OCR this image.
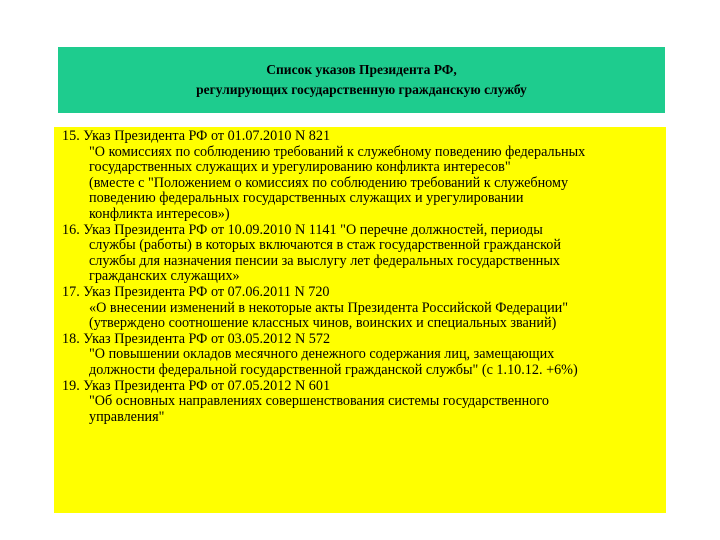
Список указов Президента РФ,
регулирующих государственную гражданскую службу
15. Указ Президента РФ от 01.07.2010 N 821
"О комиссиях по соблюдению требований к служебному поведению федеральных
государственных служащих и урегулированию конфликта интересов"
(вместе с "Положением о комиссиях по соблюдению требований к служебному
поведению федеральных государственных служащих и урегулировании
конфликта интересов»)
16. Указ Президента РФ от 10.09.2010 N 1141 "О перечне должностей, периоды
службы (работы) в которых включаются в стаж государственной гражданской
службы для назначения пенсии за выслугу лет федеральных государственных
гражданских служащих»
17. Указ Президента РФ от 07.06.2011 N 720
«О внесении изменений в некоторые акты Президента Российской Федерации"
(утверждено соотношение классных чинов, воинских и специальных званий)
18. Указ Президента РФ от 03.05.2012 N 572
"О повышении окладов месячного денежного содержания лиц, замещающих
должности федеральной государственной гражданской службы" (с 1.10.12. +6%)
19. Указ Президента РФ от 07.05.2012 N 601
"Об основных направлениях совершенствования системы государственного
управления"
